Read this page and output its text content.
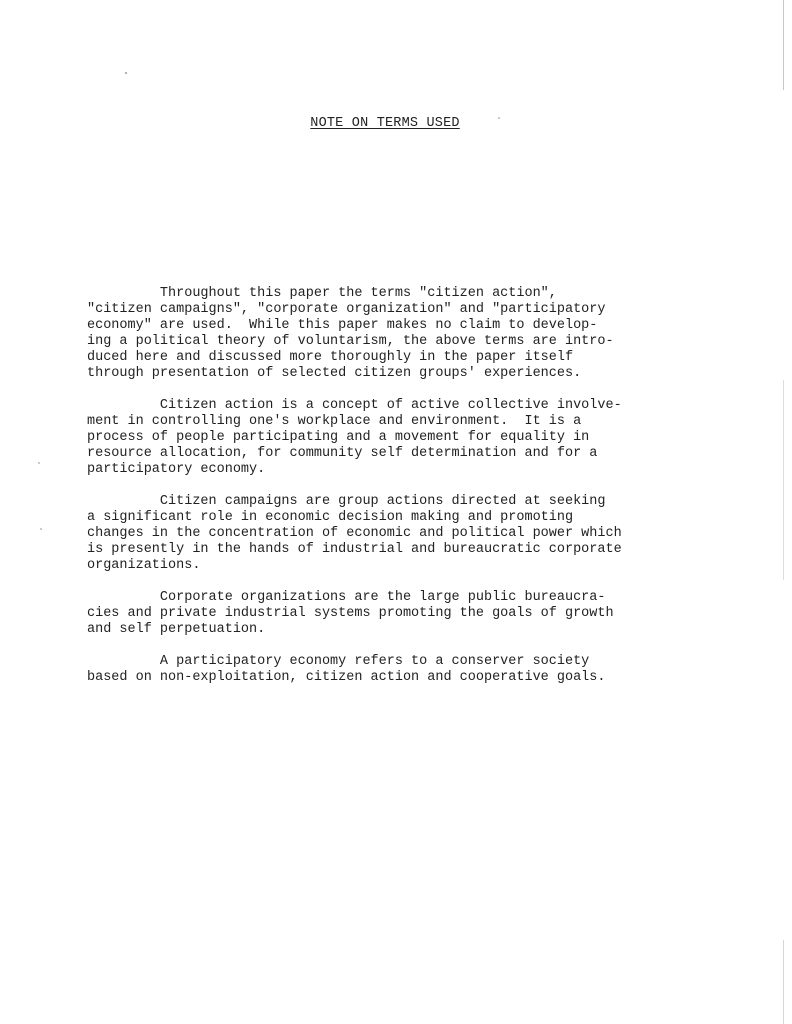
NOTE ON TERMS USED

Throughout this paper the terms "citizen action",
"citizen campaigns", "corporate organization" and "participatory
economy" are used.  While this paper makes no claim to develop-
ing a political theory of voluntarism, the above terms are intro-
duced here and discussed more thoroughly in the paper itself
through presentation of selected citizen groups' experiences.

Citizen action is a concept of active collective involve-
ment in controlling one's workplace and environment.  It is a
process of people participating and a movement for equality in
resource allocation, for community self determination and for a
participatory economy.

Citizen campaigns are group actions directed at seeking
a significant role in economic decision making and promoting
changes in the concentration of economic and political power which
is presently in the hands of industrial and bureaucratic corporate
organizations.

Corporate organizations are the large public bureaucra-
cies and private industrial systems promoting the goals of growth
and self perpetuation.

A participatory economy refers to a conserver society
based on non-exploitation, citizen action and cooperative goals.
